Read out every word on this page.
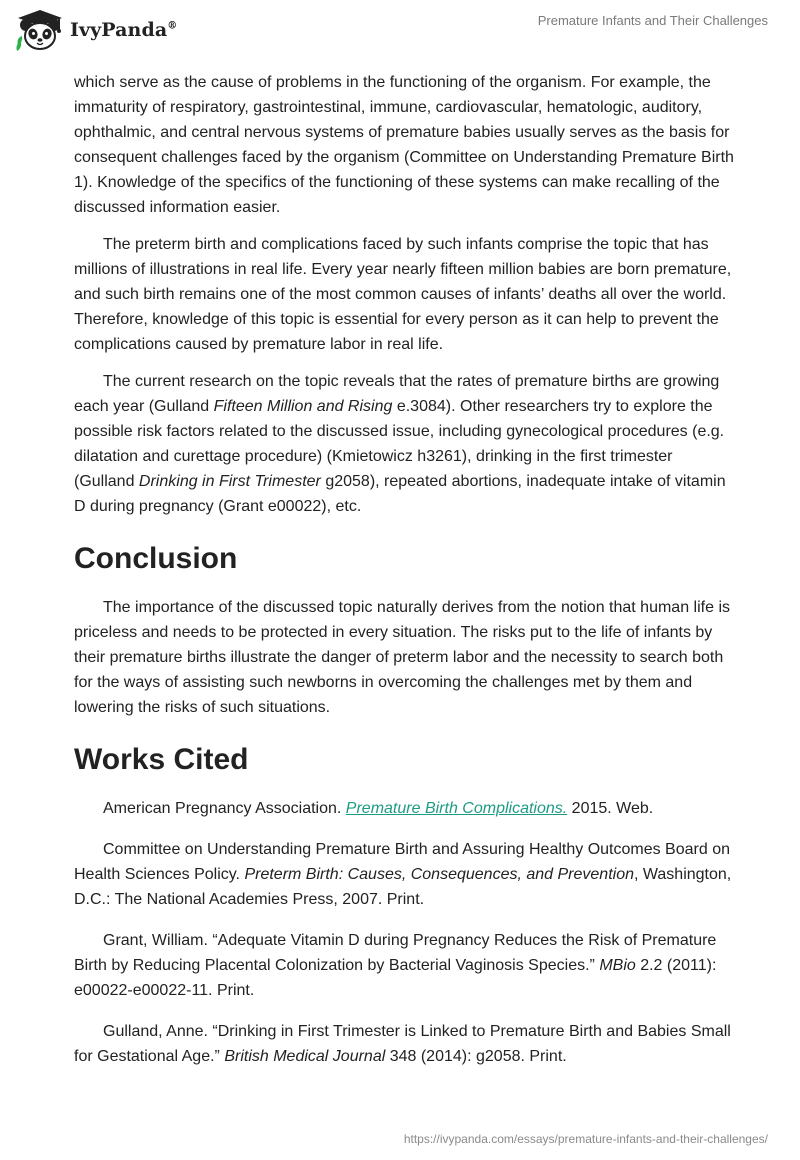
IvyPanda®	Premature Infants and Their Challenges

which serve as the cause of problems in the functioning of the organism. For example, the immaturity of respiratory, gastrointestinal, immune, cardiovascular, hematologic, auditory, ophthalmic, and central nervous systems of premature babies usually serves as the basis for consequent challenges faced by the organism (Committee on Understanding Premature Birth 1). Knowledge of the specifics of the functioning of these systems can make recalling of the discussed information easier.

The preterm birth and complications faced by such infants comprise the topic that has millions of illustrations in real life. Every year nearly fifteen million babies are born premature, and such birth remains one of the most common causes of infants’ deaths all over the world. Therefore, knowledge of this topic is essential for every person as it can help to prevent the complications caused by premature labor in real life.

The current research on the topic reveals that the rates of premature births are growing each year (Gulland Fifteen Million and Rising e.3084). Other researchers try to explore the possible risk factors related to the discussed issue, including gynecological procedures (e.g. dilatation and curettage procedure) (Kmietowicz h3261), drinking in the first trimester (Gulland Drinking in First Trimester g2058), repeated abortions, inadequate intake of vitamin D during pregnancy (Grant e00022), etc.

Conclusion

The importance of the discussed topic naturally derives from the notion that human life is priceless and needs to be protected in every situation. The risks put to the life of infants by their premature births illustrate the danger of preterm labor and the necessity to search both for the ways of assisting such newborns in overcoming the challenges met by them and lowering the risks of such situations.

Works Cited

American Pregnancy Association. Premature Birth Complications. 2015. Web.

Committee on Understanding Premature Birth and Assuring Healthy Outcomes Board on Health Sciences Policy. Preterm Birth: Causes, Consequences, and Prevention, Washington, D.C.: The National Academies Press, 2007. Print.

Grant, William. “Adequate Vitamin D during Pregnancy Reduces the Risk of Premature Birth by Reducing Placental Colonization by Bacterial Vaginosis Species.” MBio 2.2 (2011): e00022-e00022-11. Print.

Gulland, Anne. “Drinking in First Trimester is Linked to Premature Birth and Babies Small for Gestational Age.” British Medical Journal 348 (2014): g2058. Print.

https://ivypanda.com/essays/premature-infants-and-their-challenges/
